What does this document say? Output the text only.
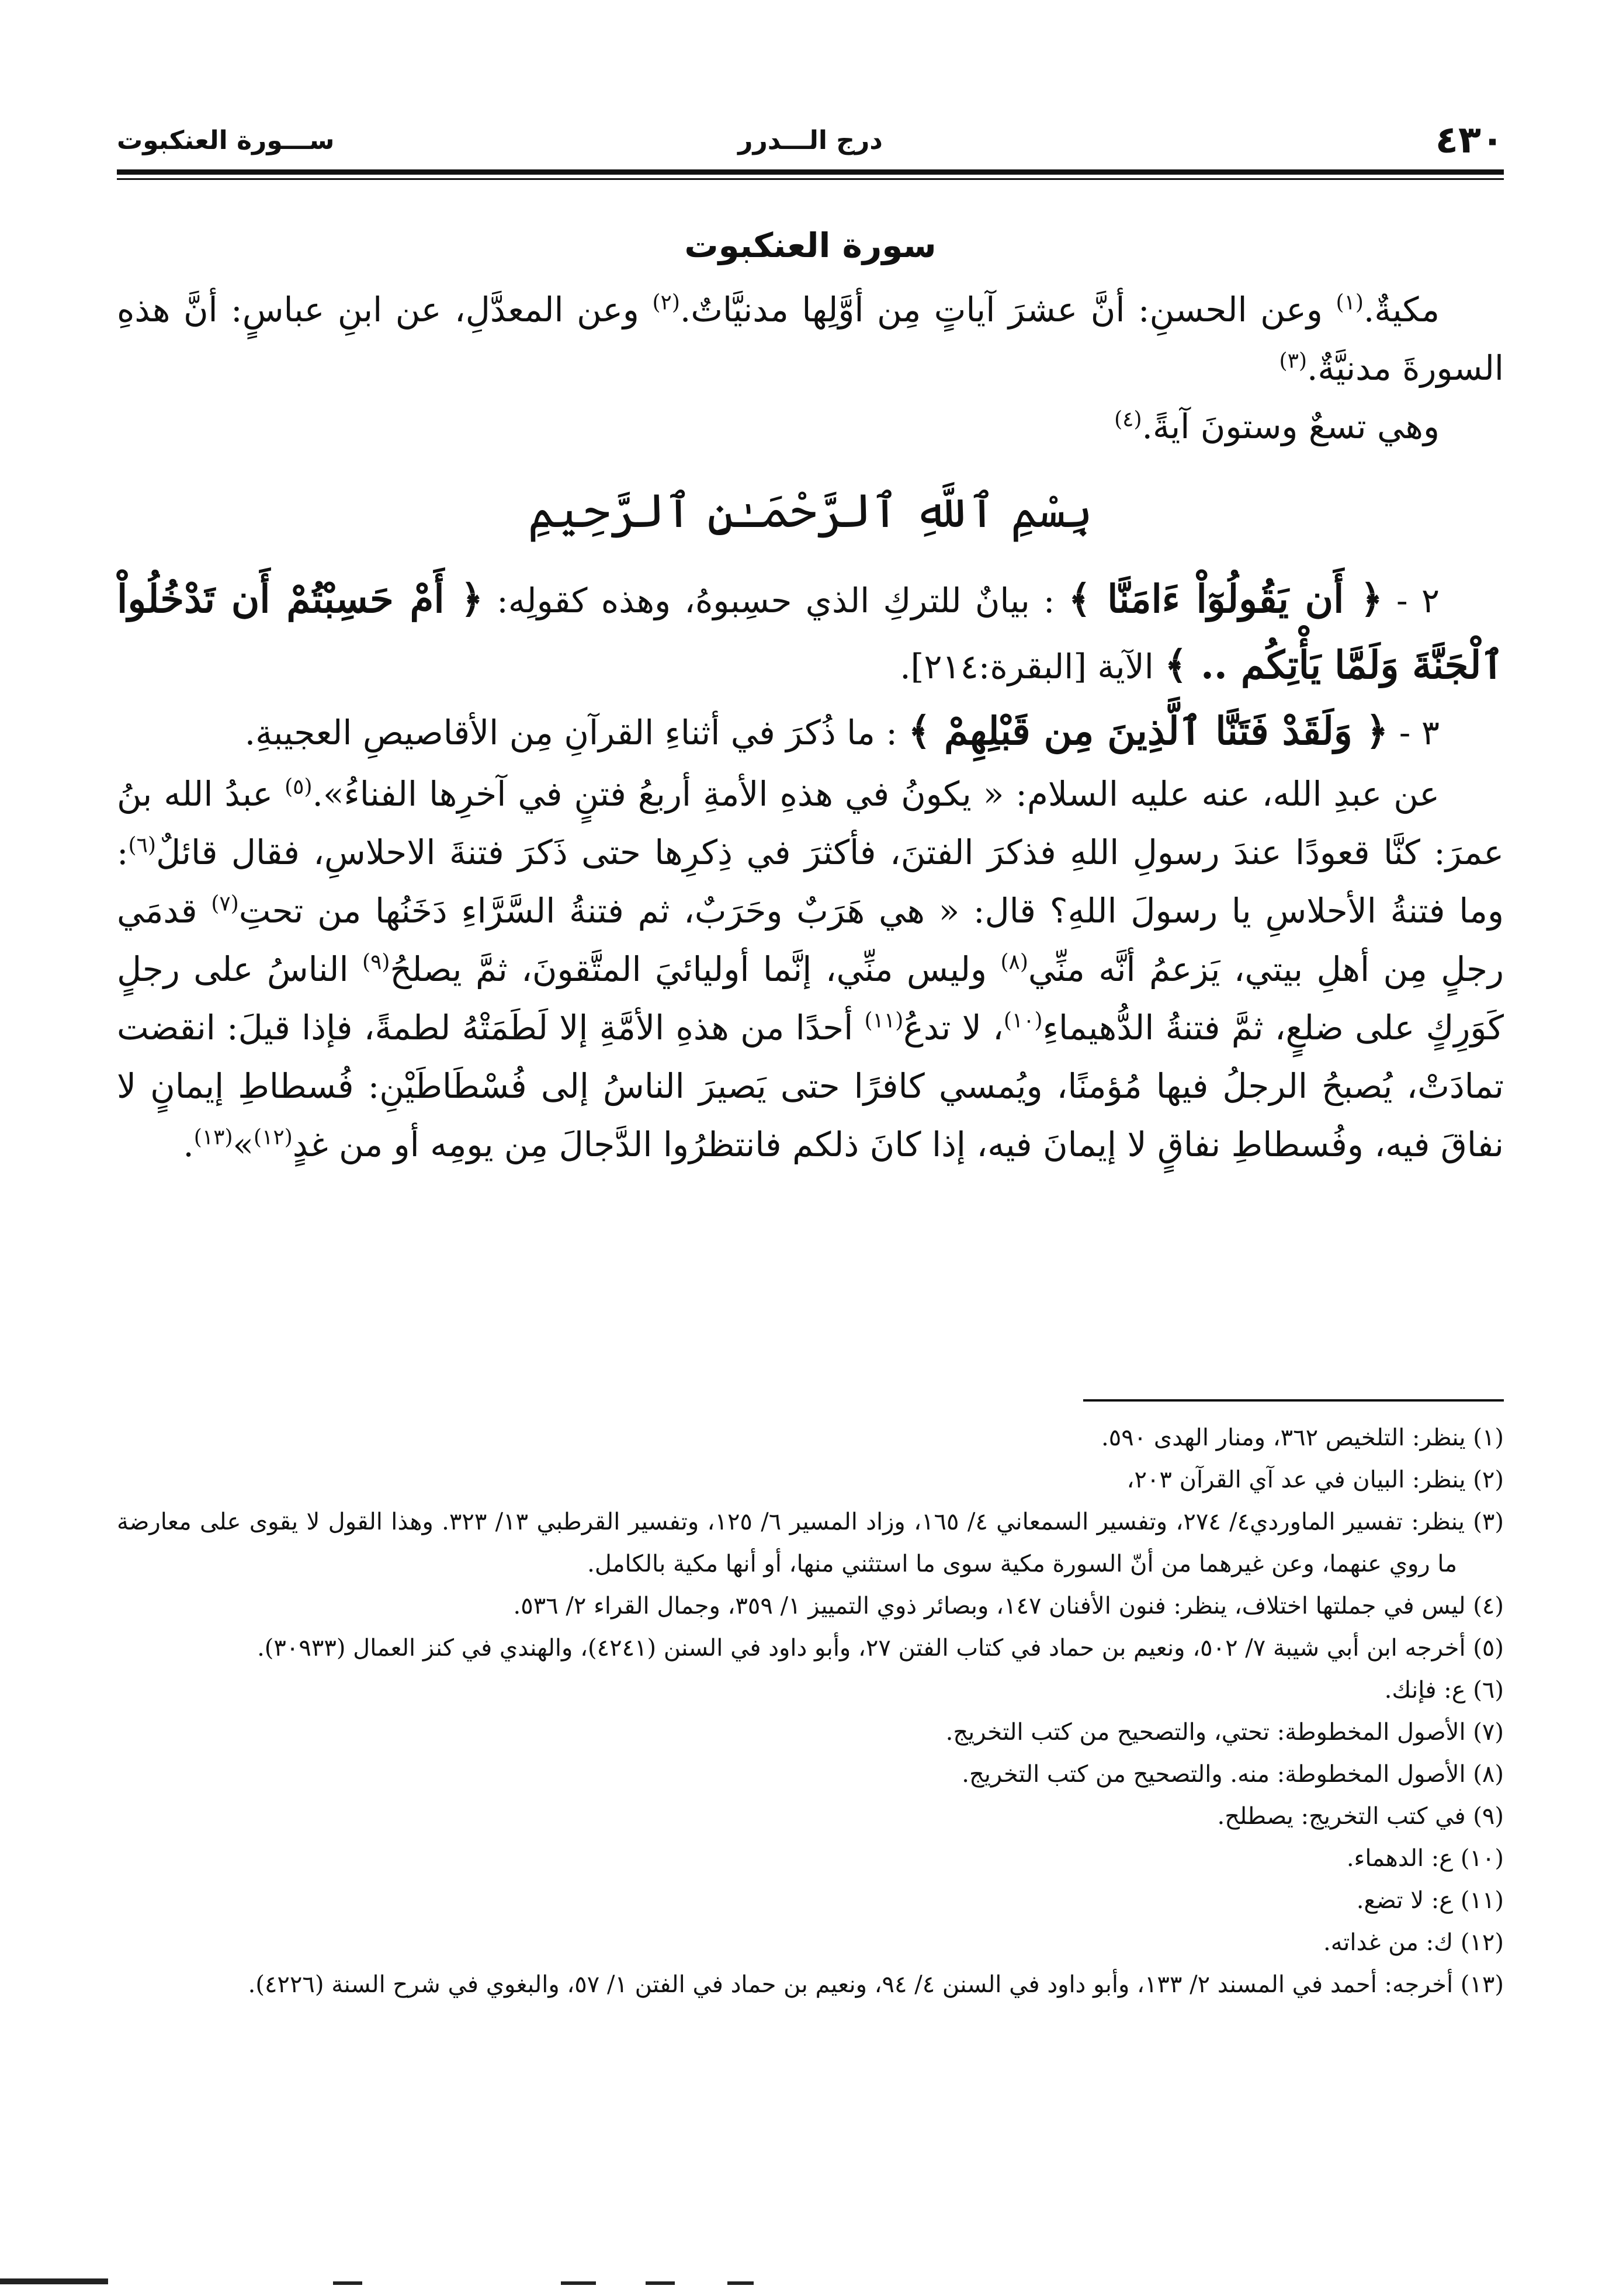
٤٣٠
درج الـــدرر
ســـورة العنكبوت
سورة العنكبوت

مكيةٌ.$^{(١)}$ وعن الحسنِ: أنَّ عشرَ آياتٍ مِن أوَّلِها مدنيَّاتٌ.$^{(٢)}$ وعن المعدَّلِ، عن ابنِ عباسٍ: أنَّ هذهِ السورةَ مدنيَّةٌ.$^{(٣)}$

وهي تسعٌ وستونَ آيةً.$^{(٤)}$

بِسْمِ ٱللَّهِ ٱلرَّحْمَـٰنِ ٱلرَّحِيمِ

٢ - ﴿ أَن يَقُولُوٓاْ ءَامَنَّا ﴾ : بيانٌ للتركِ الذي حسِبوهُ، وهذه كقولِه: ﴿ أَمْ حَسِبْتُمْ أَن تَدْخُلُواْ ٱلْجَنَّةَ وَلَمَّا يَأْتِكُم .. ﴾ الآية [البقرة:٢١٤].

٣ - ﴿ وَلَقَدْ فَتَنَّا ٱلَّذِينَ مِن قَبْلِهِمْ ﴾ : ما ذُكرَ في أثناءِ القرآنِ مِن الأقاصيصِ العجيبةِ.

عن عبدِ الله، عنه عليه السلام: « يكونُ في هذهِ الأمةِ أربعُ فتنٍ في آخرِها الفناءُ».$^{(٥)}$ عبدُ الله بنُ عمرَ: كنَّا قعودًا عندَ رسولِ اللهِ فذكرَ الفتنَ، فأكثرَ في ذِكرِها حتى ذَكرَ فتنةَ الاحلاسِ، فقال قائلٌ$^{(٦)}$: وما فتنةُ الأحلاسِ يا رسولَ اللهِ؟ قال: « هي هَرَبٌ وحَرَبٌ، ثم فتنةُ السَّرَّاءِ دَخَنُها من تحتِ$^{(٧)}$ قدمَي رجلٍ مِن أهلِ بيتي، يَزعمُ أنَّه منِّي$^{(٨)}$ وليس منِّي، إنَّما أوليائيَ المتَّقونَ، ثمَّ يصلحُ$^{(٩)}$ الناسُ على رجلٍ كَوَرِكٍ على ضلعٍ، ثمَّ فتنةُ الدُّهيماءِ$^{(١٠)}$، لا تدعُ$^{(١١)}$ أحدًا من هذهِ الأمَّةِ إلا لَطَمَتْهُ لطمةً، فإذا قيلَ: انقضت تمادَتْ، يُصبحُ الرجلُ فيها مُؤمنًا، ويُمسي كافرًا حتى يَصيرَ الناسُ إلى فُسْطَاطَيْنِ: فُسطاطِ إيمانٍ لا نفاقَ فيه، وفُسطاطِ نفاقٍ لا إيمانَ فيه، إذا كانَ ذلكم فانتظرُوا الدَّجالَ مِن يومِه أو من غدٍ$^{(١٢)}$»$^{(١٣)}$.

(١) ينظر: التلخيص ٣٦٢، ومنار الهدى ٥٩٠.
(٢) ينظر: البيان في عد آي القرآن ٢٠٣،
(٣) ينظر: تفسير الماوردي٤/ ٢٧٤، وتفسير السمعاني ٤/ ١٦٥، وزاد المسير ٦/ ١٢٥، وتفسير القرطبي ١٣/ ٣٢٣. وهذا القول لا يقوى على معارضة ما روي عنهما، وعن غيرهما من أنّ السورة مكية سوى ما استثني منها، أو أنها مكية بالكامل.
(٤) ليس في جملتها اختلاف، ينظر: فنون الأفنان ١٤٧، وبصائر ذوي التمييز ١/ ٣٥٩، وجمال القراء ٢/ ٥٣٦.
(٥) أخرجه ابن أبي شيبة ٧/ ٥٠٢، ونعيم بن حماد في كتاب الفتن ٢٧، وأبو داود في السنن (٤٢٤١)، والهندي في كنز العمال (٣٠٩٣٣).
(٦) ع: فإنك.
(٧) الأصول المخطوطة: تحتي، والتصحيح من كتب التخريج.
(٨) الأصول المخطوطة: منه. والتصحيح من كتب التخريج.
(٩) في كتب التخريج: يصطلح.
(١٠) ع: الدهماء.
(١١) ع: لا تضع.
(١٢) ك: من غداته.
(١٣) أخرجه: أحمد في المسند ٢/ ١٣٣، وأبو داود في السنن ٤/ ٩٤، ونعيم بن حماد في الفتن ١/ ٥٧، والبغوي في شرح السنة (٤٢٢٦).
